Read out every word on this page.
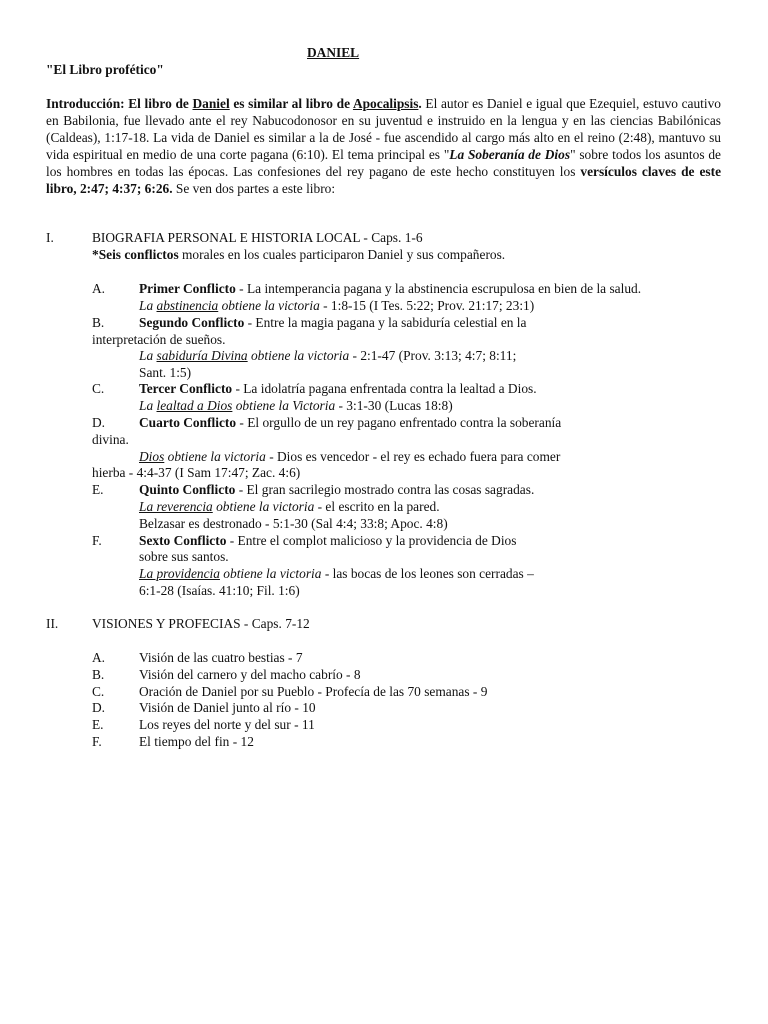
DANIEL
"El Libro profético"
Introducción: El libro de Daniel es similar al libro de Apocalipsis. El autor es Daniel e igual que Ezequiel, estuvo cautivo en Babilonia, fue llevado ante el rey Nabucodonosor en su juventud e instruido en la lengua y en las ciencias Babilónicas (Caldeas), 1:17-18. La vida de Daniel es similar a la de José - fue ascendido al cargo más alto en el reino (2:48), mantuvo su vida espiritual en medio de una corte pagana (6:10). El tema principal es "La Soberanía de Dios" sobre todos los asuntos de los hombres en todas las épocas. Las confesiones del rey pagano de este hecho constituyen los versículos claves de este libro, 2:47; 4:37; 6:26. Se ven dos partes a este libro:
I.	BIOGRAFIA PERSONAL E HISTORIA LOCAL - Caps. 1-6
*Seis conflictos morales en los cuales participaron Daniel y sus compañeros.
A.	Primer Conflicto - La intemperancia pagana y la abstinencia escrupulosa en bien de la salud.
La abstinencia obtiene la victoria - 1:8-15 (I Tes. 5:22; Prov. 21:17; 23:1)
B.	Segundo Conflicto - Entre la magia pagana y la sabiduría celestial en la
interpretación de sueños.
La sabiduría Divina obtiene la victoria - 2:1-47 (Prov. 3:13; 4:7; 8:11;
Sant. 1:5)
C.	Tercer Conflicto - La idolatría pagana enfrentada contra la lealtad a Dios.
La lealtad a Dios obtiene la Victoria - 3:1-30 (Lucas 18:8)
D.	Cuarto Conflicto - El orgullo de un rey pagano enfrentado contra la soberanía
divina.
Dios obtiene la victoria - Dios es vencedor - el rey es echado fuera para comer
hierba - 4:4-37 (I Sam 17:47; Zac. 4:6)
E.	Quinto Conflicto - El gran sacrilegio mostrado contra las cosas sagradas.
La reverencia obtiene la victoria - el escrito en la pared.
Belzasar es destronado - 5:1-30 (Sal 4:4; 33:8; Apoc. 4:8)
F.	Sexto Conflicto - Entre el complot malicioso y la providencia de Dios
sobre sus santos.
La providencia obtiene la victoria - las bocas de los leones son cerradas –
6:1-28 (Isaías. 41:10; Fil. 1:6)
II.	VISIONES Y PROFECIAS - Caps. 7-12
A.	Visión de las cuatro bestias - 7
B.	Visión del carnero y del macho cabrío - 8
C.	Oración de Daniel por su Pueblo - Profecía de las 70 semanas - 9
D.	Visión de Daniel junto al río - 10
E.	Los reyes del norte y del sur - 11
F.	El tiempo del fin - 12
